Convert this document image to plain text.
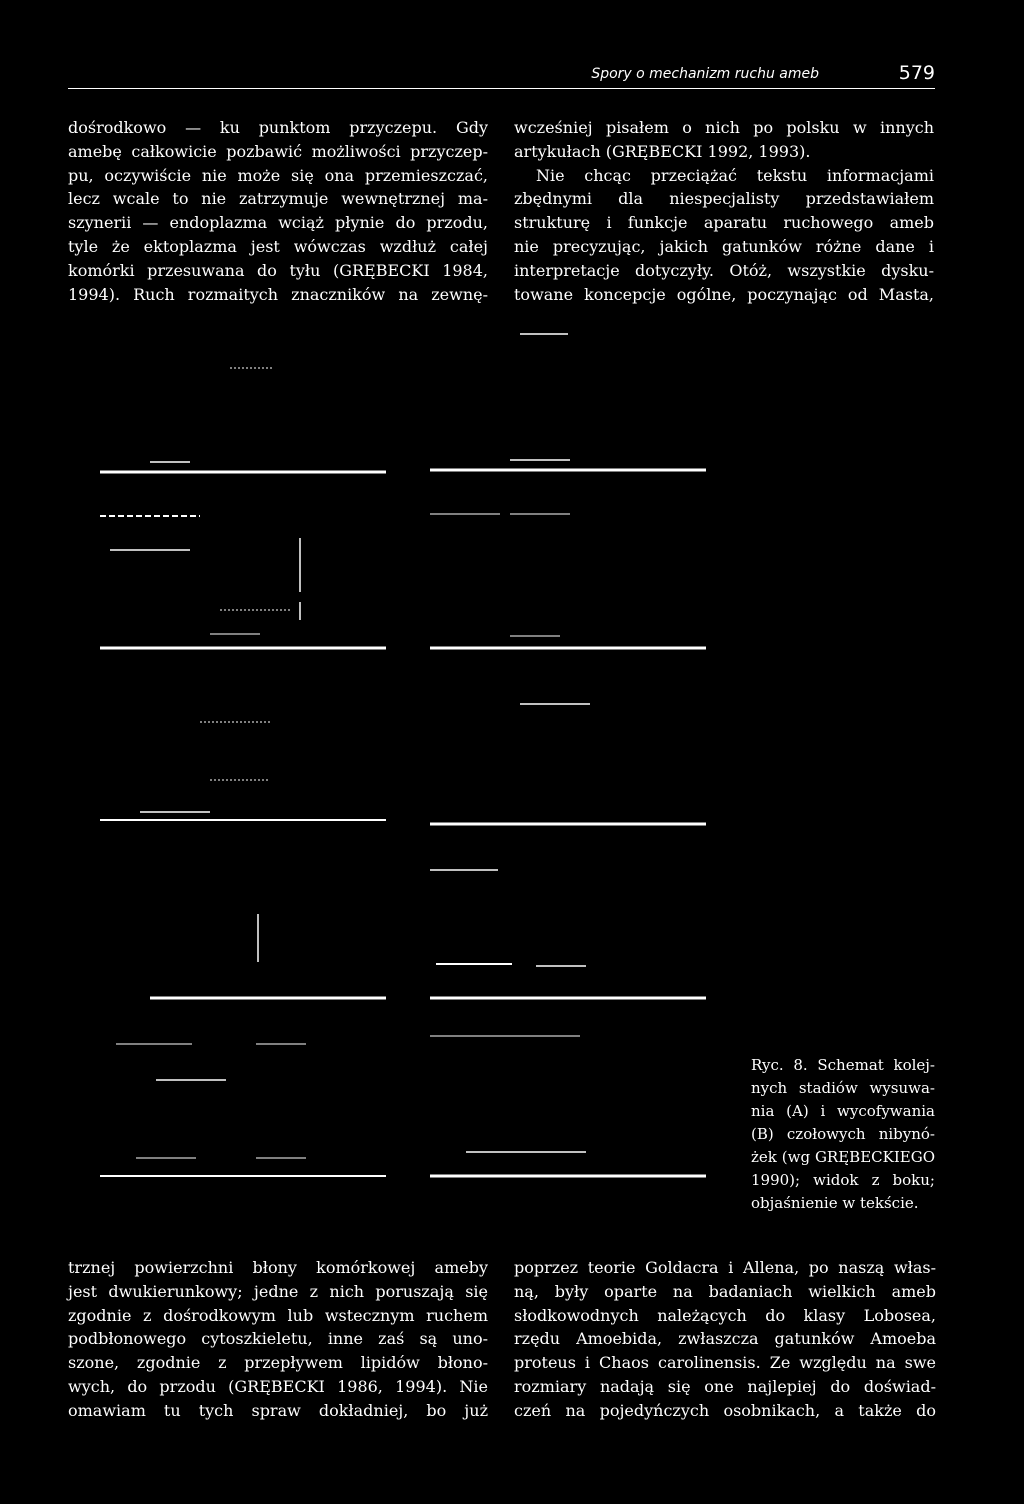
Spory o mechanizm ruchu ameb	579
dośrodkowo — ku punktom przyczepu. Gdy
amebę całkowicie pozbawić możliwości przyczep-
pu, oczywiście nie może się ona przemieszczać,
lecz wcale to nie zatrzymuje wewnętrznej ma-
szynerii — endoplazma wciąż płynie do przodu,
tyle że ektoplazma jest wówczas wzdłuż całej
komórki przesuwana do tyłu (GRĘBECKI 1984,
1994). Ruch rozmaitych znaczników na zewnę-
wcześniej pisałem o nich po polsku w innych
artykułach (GRĘBECKI 1992, 1993).
Nie chcąc przeciążać tekstu informacjami
zbędnymi dla niespecjalisty przedstawiałem
strukturę i funkcje aparatu ruchowego ameb
nie precyzując, jakich gatunków różne dane i
interpretacje dotyczyły. Otóż, wszystkie dysku-
towane koncepcje ogólne, poczynając od Masta,
Ryc. 8. Schemat kolej-
nych stadiów wysuwa-
nia (A) i wycofywania
(B) czołowych nibynó-
żek (wg GRĘBECKIEGO
1990); widok z boku;
objaśnienie w tekście.
trznej powierzchni błony komórkowej ameby
jest dwukierunkowy; jedne z nich poruszają się
zgodnie z dośrodkowym lub wstecznym ruchem
podbłonowego cytoszkieletu, inne zaś są uno-
szone, zgodnie z przepływem lipidów błono-
wych, do przodu (GRĘBECKI 1986, 1994). Nie
omawiam tu tych spraw dokładniej, bo już
poprzez teorie Goldacra i Allena, po naszą włas-
ną, były oparte na badaniach wielkich ameb
słodkowodnych należących do klasy Lobosea,
rzędu Amoebida, zwłaszcza gatunków Amoeba
proteus i Chaos carolinensis. Ze względu na swe
rozmiary nadają się one najlepiej do doświad-
czeń na pojedyńczych osobnikach, a także do
